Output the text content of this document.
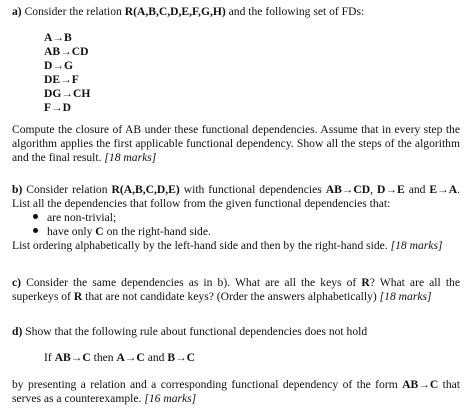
a) Consider the relation R(A,B,C,D,E,F,G,H) and the following set of FDs:
A→B
AB→CD
D→G
DE→F
DG→CH
F→D
Compute the closure of AB under these functional dependencies. Assume that in every step the
algorithm applies the first applicable functional dependency. Show all the steps of the algorithm
and the final result. [18 marks]
b) Consider relation R(A,B,C,D,E) with functional dependencies AB→CD, D→E and E→A.
List all the dependencies that follow from the given functional dependencies that:
are non-trivial;
have only C on the right-hand side.
List ordering alphabetically by the left-hand side and then by the right-hand side. [18 marks]
c) Consider the same dependencies as in b). What are all the keys of R? What are all the
superkeys of R that are not candidate keys? (Order the answers alphabetically) [18 marks]
d) Show that the following rule about functional dependencies does not hold
If AB→C then A→C and B→C
by presenting a relation and a corresponding functional dependency of the form AB→C that
serves as a counterexample. [16 marks]
